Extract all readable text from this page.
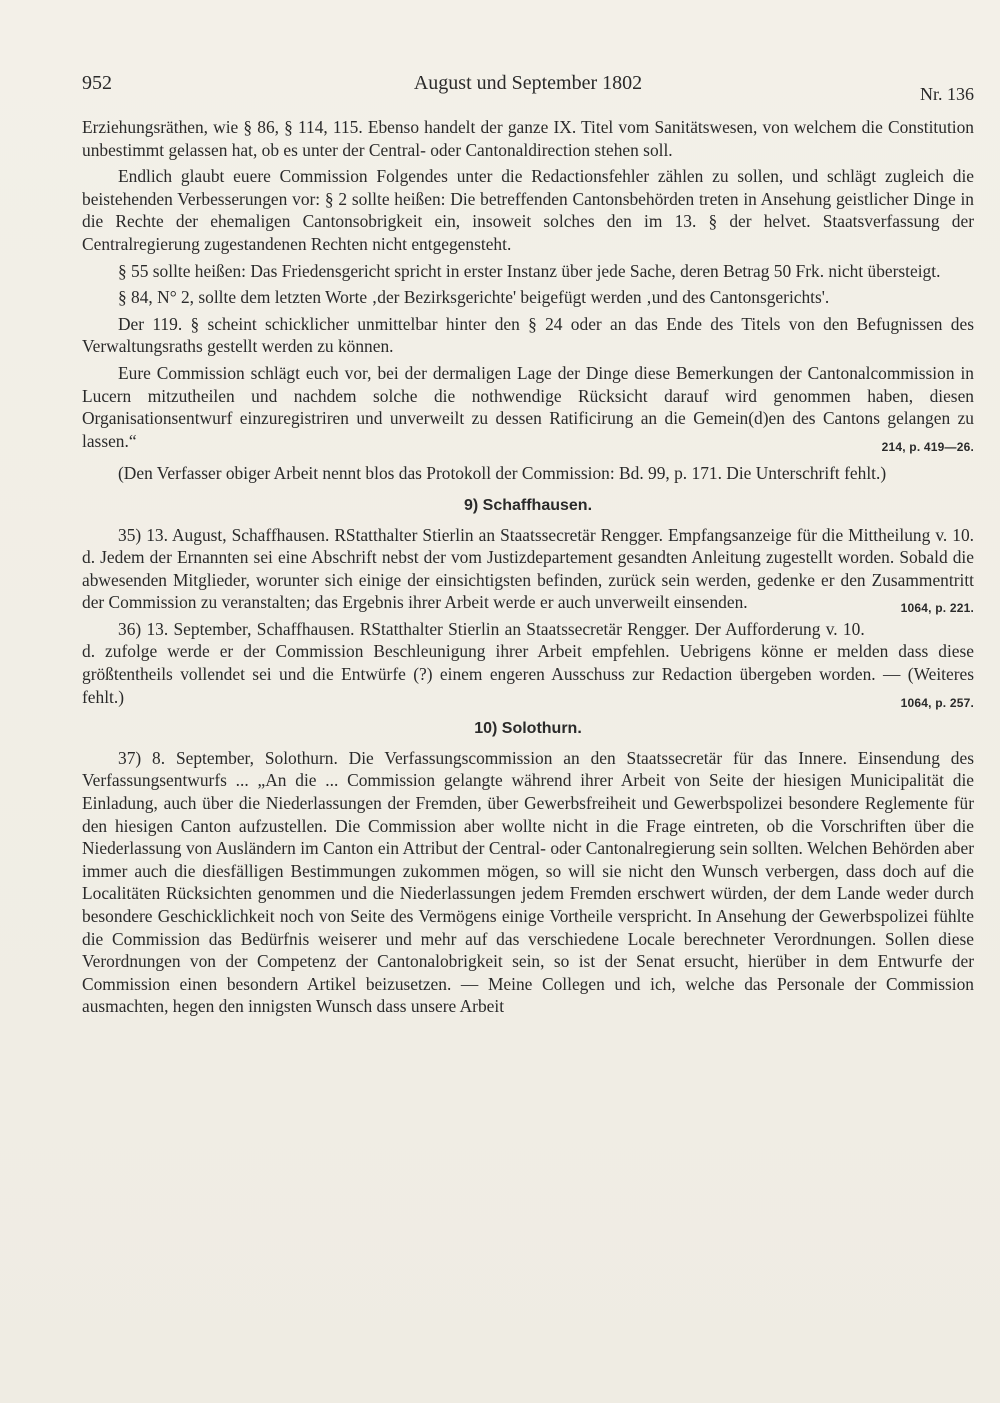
952	August und September 1802	Nr. 136

Erziehungsräthen, wie § 86, § 114, 115. Ebenso handelt der ganze IX. Titel vom Sanitätswesen, von welchem die Constitution unbestimmt gelassen hat, ob es unter der Central- oder Cantonaldirection stehen soll.

Endlich glaubt euere Commission Folgendes unter die Redactionsfehler zählen zu sollen, und schlägt zugleich die beistehenden Verbesserungen vor: § 2 sollte heißen: Die betreffenden Cantonsbehörden treten in Ansehung geistlicher Dinge in die Rechte der ehemaligen Cantonsobrigkeit ein, insoweit solches den im 13. § der helvet. Staatsverfassung der Centralregierung zugestandenen Rechten nicht entgegensteht.

§ 55 sollte heißen: Das Friedensgericht spricht in erster Instanz über jede Sache, deren Betrag 50 Frk. nicht übersteigt.

§ 84, N° 2, sollte dem letzten Worte ‚der Bezirksgerichte' beigefügt werden ‚und des Cantonsgerichts'.

Der 119. § scheint schicklicher unmittelbar hinter den § 24 oder an das Ende des Titels von den Befugnissen des Verwaltungsraths gestellt werden zu können.

Eure Commission schlägt euch vor, bei der dermaligen Lage der Dinge diese Bemerkungen der Cantonalcommission in Lucern mitzutheilen und nachdem solche die nothwendige Rücksicht darauf wird genommen haben, diesen Organisationsentwurf einzuregistriren und unverweilt zu dessen Ratificirung an die Gemein(d)en des Cantons gelangen zu lassen.“	214, p. 419—26.

(Den Verfasser obiger Arbeit nennt blos das Protokoll der Commission: Bd. 99, p. 171. Die Unterschrift fehlt.)

9) Schaffhausen.

35) 13. August, Schaffhausen. RStatthalter Stierlin an Staatssecretär Rengger. Empfangsanzeige für die Mittheilung v. 10. d. Jedem der Ernannten sei eine Abschrift nebst der vom Justizdepartement gesandten Anleitung zugestellt worden. Sobald die abwesenden Mitglieder, worunter sich einige der einsichtigsten befinden, zurück sein werden, gedenke er den Zusammentritt der Commission zu veranstalten; das Ergebnis ihrer Arbeit werde er auch unverweilt einsenden.	1064, p. 221.

36) 13. September, Schaffhausen. RStatthalter Stierlin an Staatssecretär Rengger. Der Aufforderung v. 10. d. zufolge werde er der Commission Beschleunigung ihrer Arbeit empfehlen. Uebrigens könne er melden dass diese größtentheils vollendet sei und die Entwürfe (?) einem engeren Ausschuss zur Redaction übergeben worden. — (Weiteres fehlt.)	1064, p. 257.

10) Solothurn.

37) 8. September, Solothurn. Die Verfassungscommission an den Staatssecretär für das Innere. Einsendung des Verfassungsentwurfs ... „An die ... Commission gelangte während ihrer Arbeit von Seite der hiesigen Municipalität die Einladung, auch über die Niederlassungen der Fremden, über Gewerbsfreiheit und Gewerbspolizei besondere Reglemente für den hiesigen Canton aufzustellen. Die Commission aber wollte nicht in die Frage eintreten, ob die Vorschriften über die Niederlassung von Ausländern im Canton ein Attribut der Central- oder Cantonalregierung sein sollten. Welchen Behörden aber immer auch die diesfälligen Bestimmungen zukommen mögen, so will sie nicht den Wunsch verbergen, dass doch auf die Localitäten Rücksichten genommen und die Niederlassungen jedem Fremden erschwert würden, der dem Lande weder durch besondere Geschicklichkeit noch von Seite des Vermögens einige Vortheile verspricht. In Ansehung der Gewerbspolizei fühlte die Commission das Bedürfnis weiserer und mehr auf das verschiedene Locale berechneter Verordnungen. Sollen diese Verordnungen von der Competenz der Cantonalobrigkeit sein, so ist der Senat ersucht, hierüber in dem Entwurfe der Commission einen besondern Artikel beizusetzen. — Meine Collegen und ich, welche das Personale der Commission ausmachten, hegen den innigsten Wunsch dass unsere Arbeit
